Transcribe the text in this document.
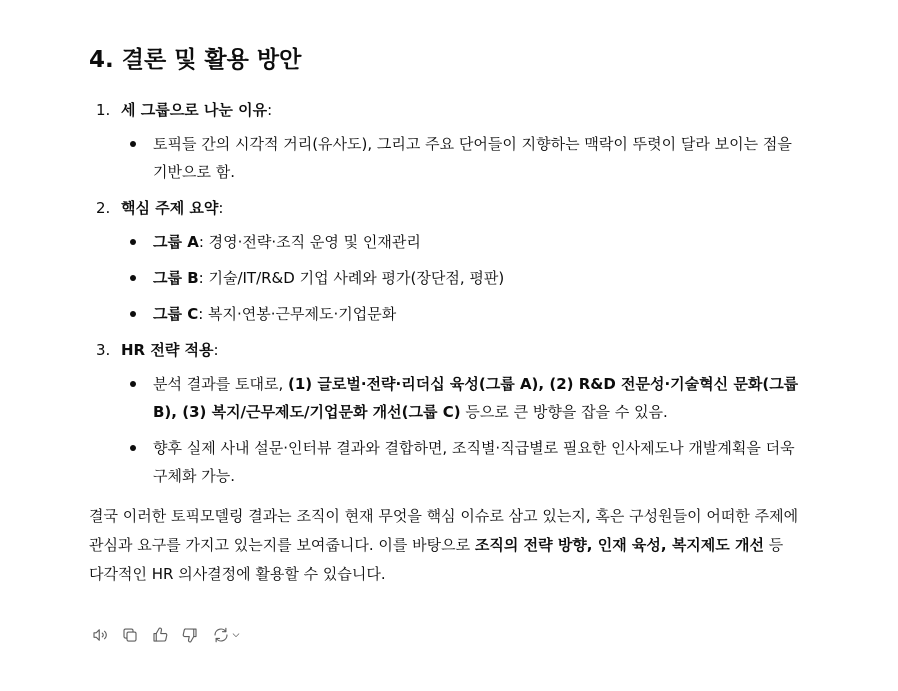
4. 결론 및 활용 방안
1. 세 그룹으로 나눈 이유:
토픽들 간의 시각적 거리(유사도), 그리고 주요 단어들이 지향하는 맥락이 뚜렷이 달라 보이는 점을 기반으로 함.
2. 핵심 주제 요약:
그룹 A: 경영·전략·조직 운영 및 인재관리
그룹 B: 기술/IT/R&D 기업 사례와 평가(장단점, 평판)
그룹 C: 복지·연봉·근무제도·기업문화
3. HR 전략 적용:
분석 결과를 토대로, (1) 글로벌·전략·리더십 육성(그룹 A), (2) R&D 전문성·기술혁신 문화(그룹 B), (3) 복지/근무제도/기업문화 개선(그룹 C) 등으로 큰 방향을 잡을 수 있음.
향후 실제 사내 설문·인터뷰 결과와 결합하면, 조직별·직급별로 필요한 인사제도나 개발계획을 더욱 구체화 가능.

결국 이러한 토픽모델링 결과는 조직이 현재 무엇을 핵심 이슈로 삼고 있는지, 혹은 구성원들이 어떠한 주제에 관심과 요구를 가지고 있는지를 보여줍니다. 이를 바탕으로 조직의 전략 방향, 인재 육성, 복지제도 개선 등 다각적인 HR 의사결정에 활용할 수 있습니다.
